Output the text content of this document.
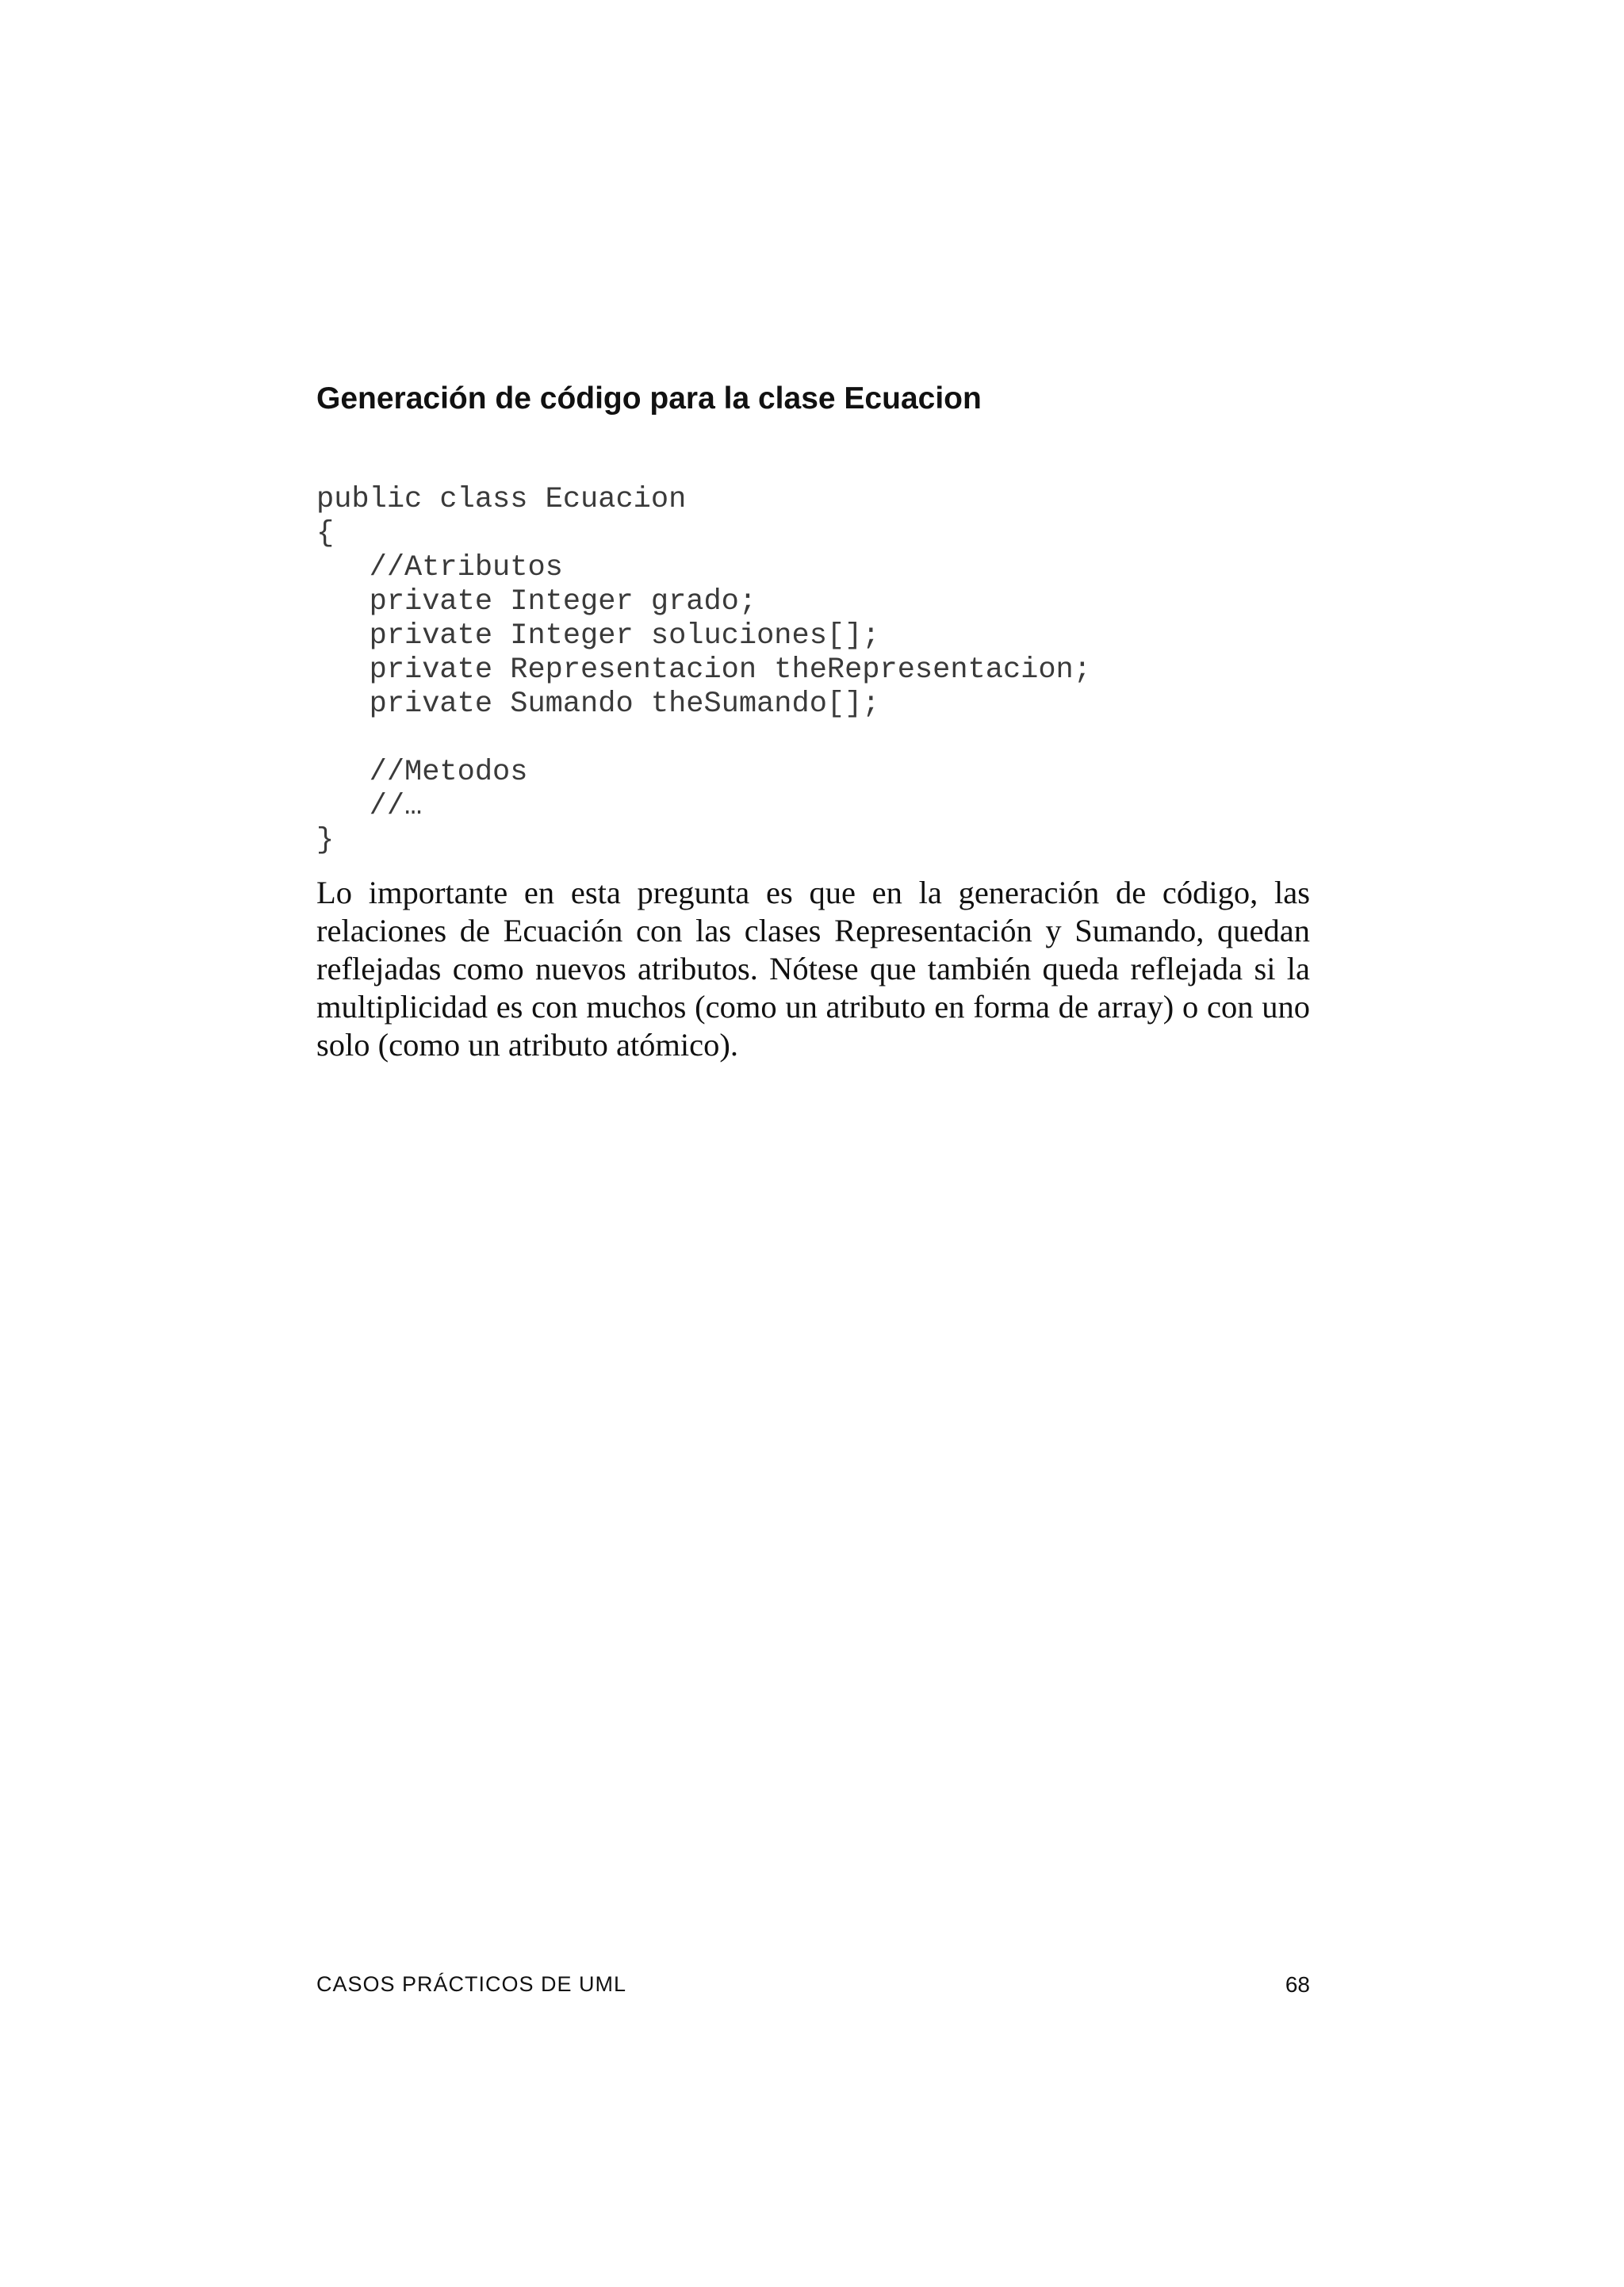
Generación de código para la clase Ecuacion
public class Ecuacion
{
//Atributos
private Integer grado;
private Integer soluciones[];
private Representacion theRepresentacion;
private Sumando theSumando[];
//Metodos
//…
}

Lo importante en esta pregunta es que en la generación de código, las relaciones de Ecuación con las clases Representación y Sumando, quedan reflejadas como nuevos atributos. Nótese que también queda reflejada si la multiplicidad es con muchos (como un atributo en forma de array) o con uno solo (como un atributo atómico).

CASOS PRÁCTICOS DE UML	68
